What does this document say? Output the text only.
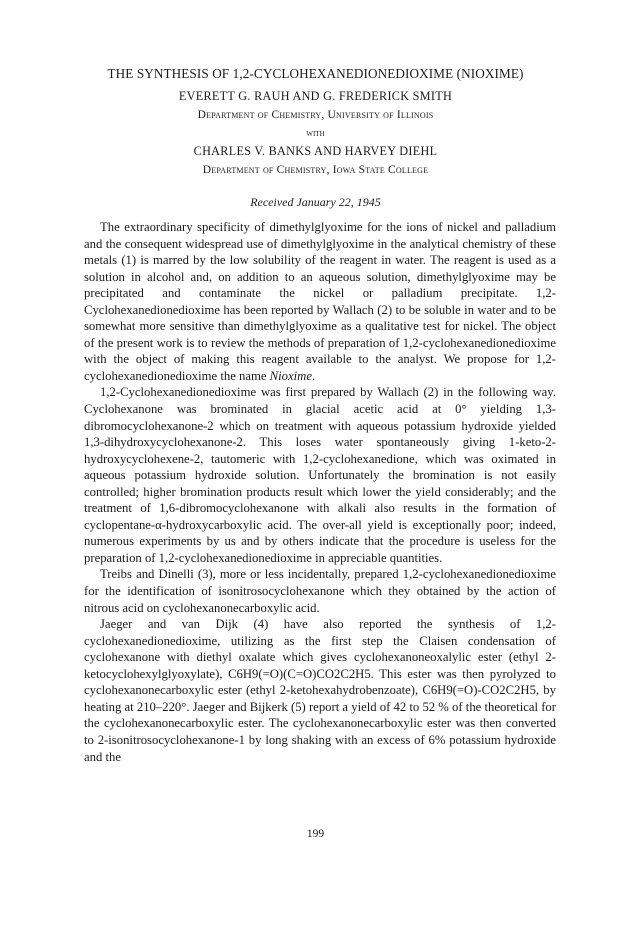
THE SYNTHESIS OF 1,2-CYCLOHEXANEDIONEDIOXIME (NIOXIME)
EVERETT G. RAUH AND G. FREDERICK SMITH
Department of Chemistry, University of Illinois
with
CHARLES V. BANKS AND HARVEY DIEHL
Department of Chemistry, Iowa State College
Received January 22, 1945

The extraordinary specificity of dimethylglyoxime for the ions of nickel and palladium and the consequent widespread use of dimethylglyoxime in the analytical chemistry of these metals (1) is marred by the low solubility of the reagent in water. The reagent is used as a solution in alcohol and, on addition to an aqueous solution, dimethylglyoxime may be precipitated and contaminate the nickel or palladium precipitate. 1,2-Cyclohexanedionedioxime has been reported by Wallach (2) to be soluble in water and to be somewhat more sensitive than dimethylglyoxime as a qualitative test for nickel. The object of the present work is to review the methods of preparation of 1,2-cyclohexanedionedioxime with the object of making this reagent available to the analyst. We propose for 1,2-cyclohexanedionedioxime the name Nioxime.

1,2-Cyclohexanedionedioxime was first prepared by Wallach (2) in the following way. Cyclohexanone was brominated in glacial acetic acid at 0° yielding 1,3-dibromocyclohexanone-2 which on treatment with aqueous potassium hydroxide yielded 1,3-dihydroxycyclohexanone-2. This loses water spontaneously giving 1-keto-2-hydroxycyclohexene-2, tautomeric with 1,2-cyclohexanedione, which was oximated in aqueous potassium hydroxide solution. Unfortunately the bromination is not easily controlled; higher bromination products result which lower the yield considerably; and the treatment of 1,6-dibromocyclohexanone with alkali also results in the formation of cyclopentane-α-hydroxycarboxylic acid. The over-all yield is exceptionally poor; indeed, numerous experiments by us and by others indicate that the procedure is useless for the preparation of 1,2-cyclohexanedionedioxime in appreciable quantities.

Treibs and Dinelli (3), more or less incidentally, prepared 1,2-cyclohexanedionedioxime for the identification of isonitrosocyclohexanone which they obtained by the action of nitrous acid on cyclohexanonecarboxylic acid.

Jaeger and van Dijk (4) have also reported the synthesis of 1,2-cyclohexanedionedioxime, utilizing as the first step the Claisen condensation of cyclohexanone with diethyl oxalate which gives cyclohexanoneoxalylic ester (ethyl 2-ketocyclohexylglyoxylate), C6H9(=O)(C=O)CO2C2H5. This ester was then pyrolyzed to cyclohexanonecarboxylic ester (ethyl 2-ketohexahydrobenzoate), C6H9(=O)-CO2C2H5, by heating at 210–220°. Jaeger and Bijkerk (5) report a yield of 42 to 52 % of the theoretical for the cyclohexanonecarboxylic ester. The cyclohexanonecarboxylic ester was then converted to 2-isonitrosocyclohexanone-1 by long shaking with an excess of 6% potassium hydroxide and the

199
